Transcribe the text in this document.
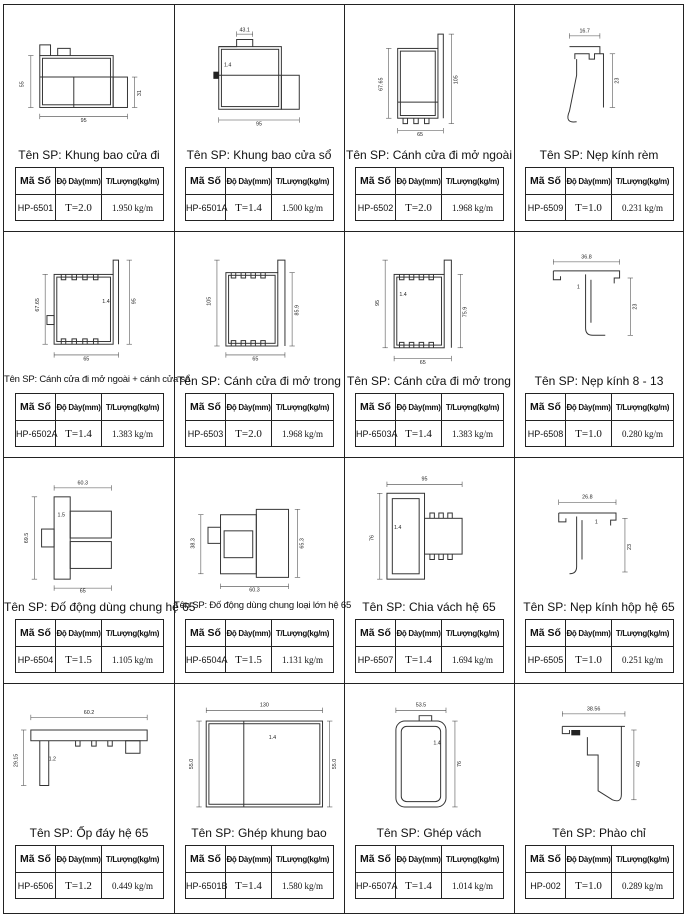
55
31
95
Tên SP: Khung bao cửa đi
Mã Số	Độ Dày(mm)	T/Lượng(kg/m)
HP-6501	T=2.0	1.950 kg/m
43.1
1.4
95
Tên SP: Khung bao cửa sổ
Mã Số	Độ Dày(mm)	T/Lượng(kg/m)
HP-6501A	T=1.4	1.500 kg/m
67.65	105
65
Tên SP: Cánh cửa đi mở ngoài
Mã Số	Độ Dày(mm)	T/Lượng(kg/m)
HP-6502	T=2.0	1.968 kg/m
16.7
23
Tên SP: Nẹp kính rèm
Mã Số	Độ Dày(mm)	T/Lượng(kg/m)
HP-6509	T=1.0	0.231 kg/m
67.65	1.4	95
65
Tên SP: Cánh cửa đi mở ngoài + cánh cửa sổ
Mã Số	Độ Dày(mm)	T/Lượng(kg/m)
HP-6502A	T=1.4	1.383 kg/m
105
85.9
65
Tên SP: Cánh cửa đi mở trong
Mã Số	Độ Dày(mm)	T/Lượng(kg/m)
HP-6503	T=2.0	1.968 kg/m
95
1.4
75.9
65
Tên SP: Cánh cửa đi mở trong
Mã Số	Độ Dày(mm)	T/Lượng(kg/m)
HP-6503A	T=1.4	1.383 kg/m
36.8
1
23
Tên SP: Nẹp kính 8 - 13
Mã Số	Độ Dày(mm)	T/Lượng(kg/m)
HP-6508	T=1.0	0.280 kg/m
60.3
1.5
69.5
65
Tên SP: Đố động dùng chung hệ 65
Mã Số	Độ Dày(mm)	T/Lượng(kg/m)
HP-6504	T=1.5	1.105 kg/m
38.3	65.3
60.3
Tên SP: Đố động dùng chung loại lớn hệ 65
Mã Số	Độ Dày(mm)	T/Lượng(kg/m)
HP-6504A	T=1.5	1.131 kg/m
95
76
1.4
Tên SP: Chia vách hệ 65
Mã Số	Độ Dày(mm)	T/Lượng(kg/m)
HP-6507	T=1.4	1.694 kg/m
26.8
1
23
Tên SP: Nẹp kính hộp hệ 65
Mã Số	Độ Dày(mm)	T/Lượng(kg/m)
HP-6505	T=1.0	0.251 kg/m
60.2
29.15	1.2
Tên SP: Ốp đáy hệ 65
Mã Số	Độ Dày(mm)	T/Lượng(kg/m)
HP-6506	T=1.2	0.449 kg/m
130
55.0
1.4
55.0
Tên SP: Ghép khung bao
Mã Số	Độ Dày(mm)	T/Lượng(kg/m)
HP-6501B	T=1.4	1.580 kg/m
53.5
1.4
76
Tên SP: Ghép vách
Mã Số	Độ Dày(mm)	T/Lượng(kg/m)
HP-6507A	T=1.4	1.014 kg/m
38.56
40
Tên SP: Phào chỉ
Mã Số	Độ Dày(mm)	T/Lượng(kg/m)
HP-002	T=1.0	0.289 kg/m
